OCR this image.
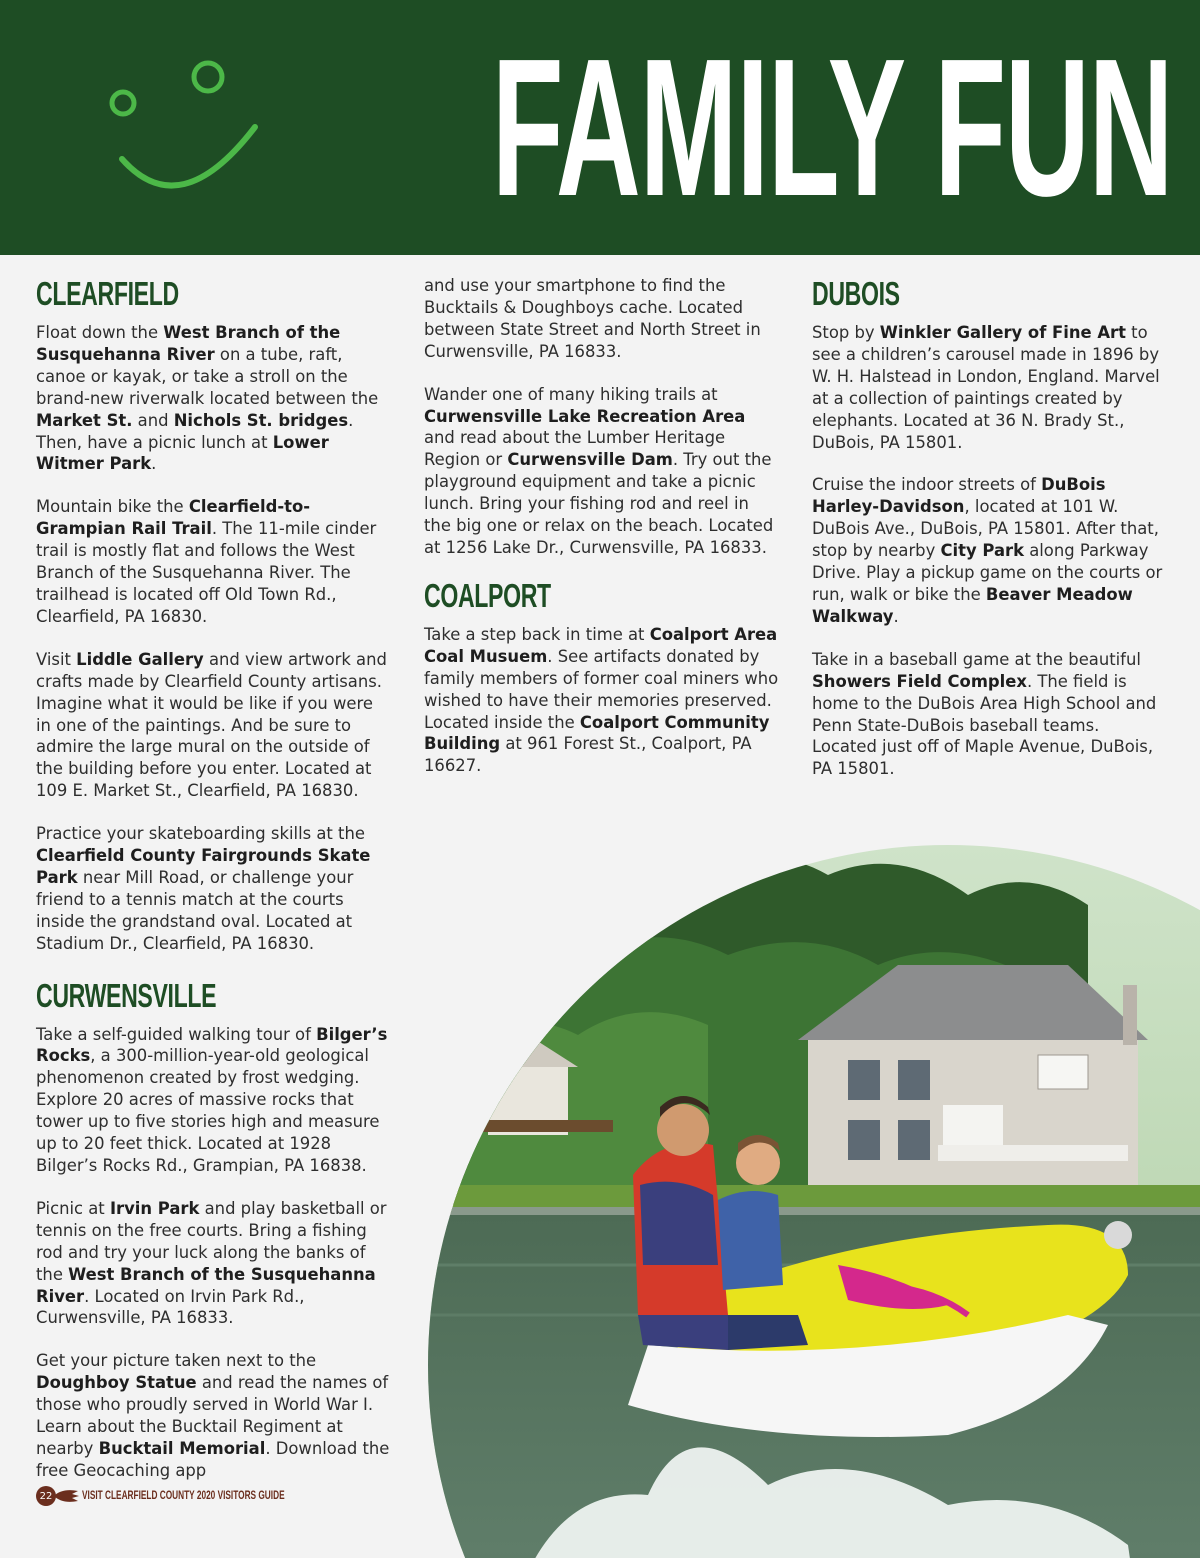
FAMILY FUN
CLEARFIELD

Float down the West Branch of the Susquehanna River on a tube, raft, canoe or kayak, or take a stroll on the brand-new riverwalk located between the Market St. and Nichols St. bridges. Then, have a picnic lunch at Lower Witmer Park.

Mountain bike the Clearfield-to-Grampian Rail Trail. The 11-mile cinder trail is mostly flat and follows the West Branch of the Susquehanna River. The trailhead is located off Old Town Rd., Clearfield, PA 16830.

Visit Liddle Gallery and view artwork and crafts made by Clearfield County artisans. Imagine what it would be like if you were in one of the paintings. And be sure to admire the large mural on the outside of the building before you enter. Located at 109 E. Market St., Clearfield, PA 16830.

Practice your skateboarding skills at the Clearfield County Fairgrounds Skate Park near Mill Road, or challenge your friend to a tennis match at the courts inside the grandstand oval. Located at Stadium Dr., Clearfield, PA 16830.

CURWENSVILLE

Take a self-guided walking tour of Bilger’s Rocks, a 300-million-year-old geological phenomenon created by frost wedging. Explore 20 acres of massive rocks that tower up to five stories high and measure up to 20 feet thick. Located at 1928 Bilger’s Rocks Rd., Grampian, PA 16838.

Picnic at Irvin Park and play basketball or tennis on the free courts. Bring a fishing rod and try your luck along the banks of the West Branch of the Susquehanna River. Located on Irvin Park Rd., Curwensville, PA 16833.

Get your picture taken next to the Doughboy Statue and read the names of those who proudly served in World War I. Learn about the Bucktail Regiment at nearby Bucktail Memorial. Download the free Geocaching app

and use your smartphone to find the Bucktails & Doughboys cache. Located between State Street and North Street in Curwensville, PA 16833.

Wander one of many hiking trails at Curwensville Lake Recreation Area and read about the Lumber Heritage Region or Curwensville Dam. Try out the playground equipment and take a picnic lunch. Bring your fishing rod and reel in the big one or relax on the beach. Located at 1256 Lake Dr., Curwensville, PA 16833.

COALPORT

Take a step back in time at Coalport Area Coal Musuem. See artifacts donated by family members of former coal miners who wished to have their memories preserved. Located inside the Coalport Community Building at 961 Forest St., Coalport, PA 16627.

DUBOIS

Stop by Winkler Gallery of Fine Art to see a children’s carousel made in 1896 by W. H. Halstead in London, England. Marvel at a collection of paintings created by elephants. Located at 36 N. Brady St., DuBois, PA 15801.

Cruise the indoor streets of DuBois Harley-Davidson, located at 101 W. DuBois Ave., DuBois, PA 15801. After that, stop by nearby City Park along Parkway Drive. Play a pickup game on the courts or run, walk or bike the Beaver Meadow Walkway.

Take in a baseball game at the beautiful Showers Field Complex. The field is home to the DuBois Area High School and Penn State-DuBois baseball teams. Located just off of Maple Avenue, DuBois, PA 15801.

22	VISIT CLEARFIELD COUNTY 2020 VISITORS GUIDE
